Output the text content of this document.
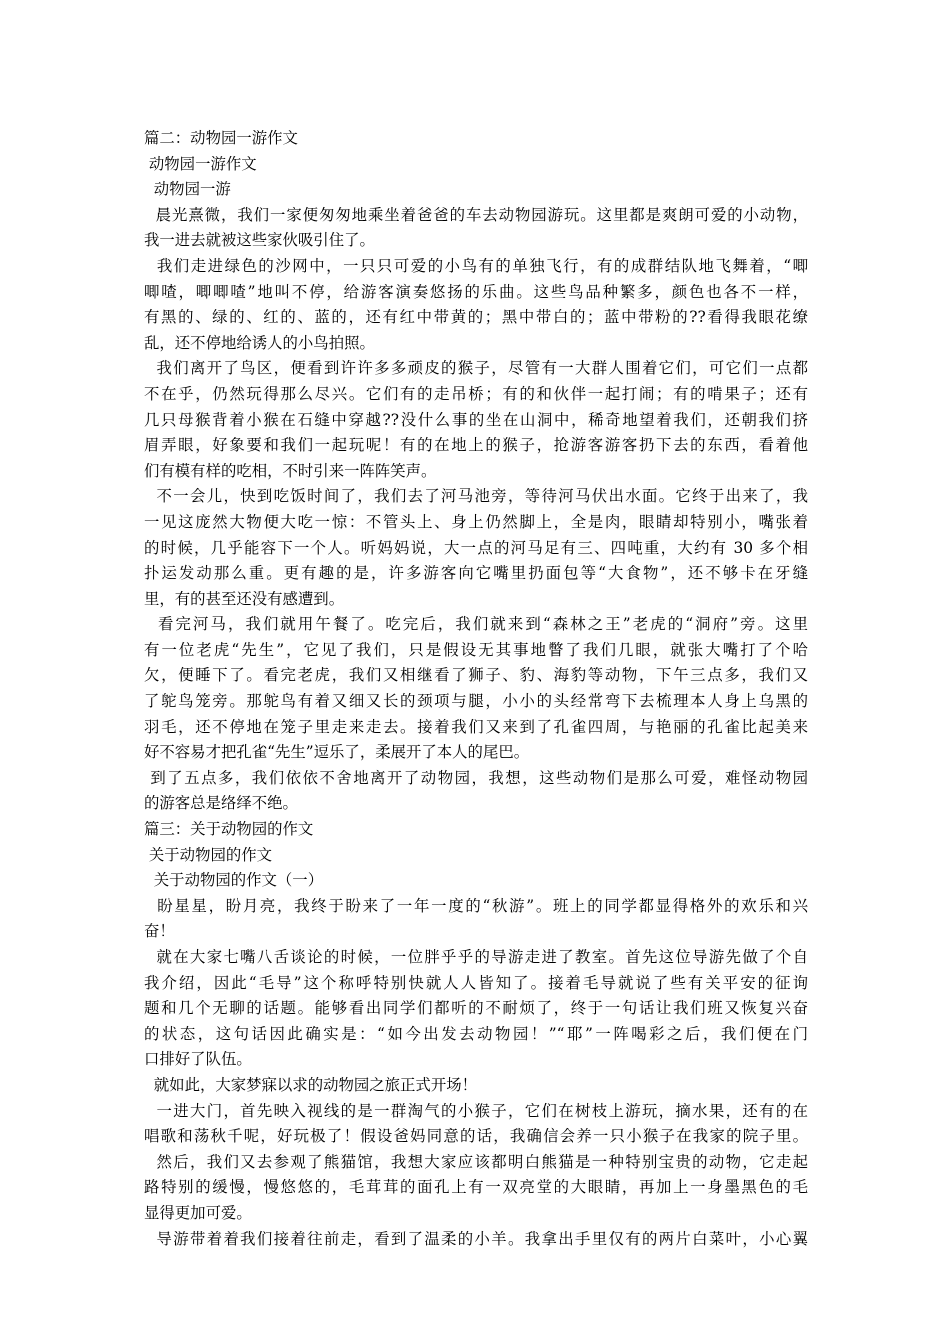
篇二：动物园一游作文
动物园一游作文
动物园一游
晨光熹微，我们一家便匆匆地乘坐着爸爸的车去动物园游玩。这里都是爽朗可爱的小动物，
我一进去就被这些家伙吸引住了。
我们走进绿色的沙网中，一只只可爱的小鸟有的单独飞行，有的成群结队地飞舞着，“唧
唧喳，唧唧喳”地叫不停，给游客演奏悠扬的乐曲。这些鸟品种繁多，颜色也各不一样，
有黑的、绿的、红的、蓝的，还有红中带黄的；黑中带白的；蓝中带粉的??看得我眼花缭
乱，还不停地给诱人的小鸟拍照。
我们离开了鸟区，便看到许许多多顽皮的猴子，尽管有一大群人围着它们，可它们一点都
不在乎，仍然玩得那么尽兴。它们有的走吊桥；有的和伙伴一起打闹；有的啃果子；还有
几只母猴背着小猴在石缝中穿越??没什么事的坐在山洞中，稀奇地望着我们，还朝我们挤
眉弄眼，好象要和我们一起玩呢！有的在地上的猴子，抢游客游客扔下去的东西，看着他
们有模有样的吃相，不时引来一阵阵笑声。
不一会儿，快到吃饭时间了，我们去了河马池旁，等待河马伏出水面。它终于出来了，我
一见这庞然大物便大吃一惊：不管头上、身上仍然脚上，全是肉，眼睛却特别小，嘴张着
的时候，几乎能容下一个人。听妈妈说，大一点的河马足有三、四吨重，大约有 30 多个相
扑运发动那么重。更有趣的是，许多游客向它嘴里扔面包等“大食物”，还不够卡在牙缝
里，有的甚至还没有感遭到。
看完河马，我们就用午餐了。吃完后，我们就来到“森林之王”老虎的“洞府”旁。这里
有一位老虎“先生”，它见了我们，只是假设无其事地瞥了我们几眼，就张大嘴打了个哈
欠，便睡下了。看完老虎，我们又相继看了狮子、豹、海豹等动物，下午三点多，我们又
了鸵鸟笼旁。那鸵鸟有着又细又长的颈项与腿，小小的头经常弯下去梳理本人身上乌黑的
羽毛，还不停地在笼子里走来走去。接着我们又来到了孔雀四周，与艳丽的孔雀比起美来
好不容易才把孔雀“先生”逗乐了，柔展开了本人的尾巴。
到了五点多，我们依依不舍地离开了动物园，我想，这些动物们是那么可爱，难怪动物园
的游客总是络绎不绝。
篇三：关于动物园的作文
关于动物园的作文
关于动物园的作文（一）
盼星星，盼月亮，我终于盼来了一年一度的“秋游”。班上的同学都显得格外的欢乐和兴
奋！
就在大家七嘴八舌谈论的时候，一位胖乎乎的导游走进了教室。首先这位导游先做了个自
我介绍，因此“毛导”这个称呼特别快就人人皆知了。接着毛导就说了些有关平安的征询
题和几个无聊的话题。能够看出同学们都听的不耐烦了，终于一句话让我们班又恢复兴奋
的状态，这句话因此确实是：“如今出发去动物园！”“耶”一阵喝彩之后，我们便在门
口排好了队伍。
就如此，大家梦寐以求的动物园之旅正式开场！
一进大门，首先映入视线的是一群淘气的小猴子，它们在树枝上游玩，摘水果，还有的在
唱歌和荡秋千呢，好玩极了！假设爸妈同意的话，我确信会养一只小猴子在我家的院子里。
然后，我们又去参观了熊猫馆，我想大家应该都明白熊猫是一种特别宝贵的动物，它走起
路特别的缓慢，慢悠悠的，毛茸茸的面孔上有一双亮堂的大眼睛，再加上一身墨黑色的毛
显得更加可爱。
导游带着着我们接着往前走，看到了温柔的小羊。我拿出手里仅有的两片白菜叶，小心翼
